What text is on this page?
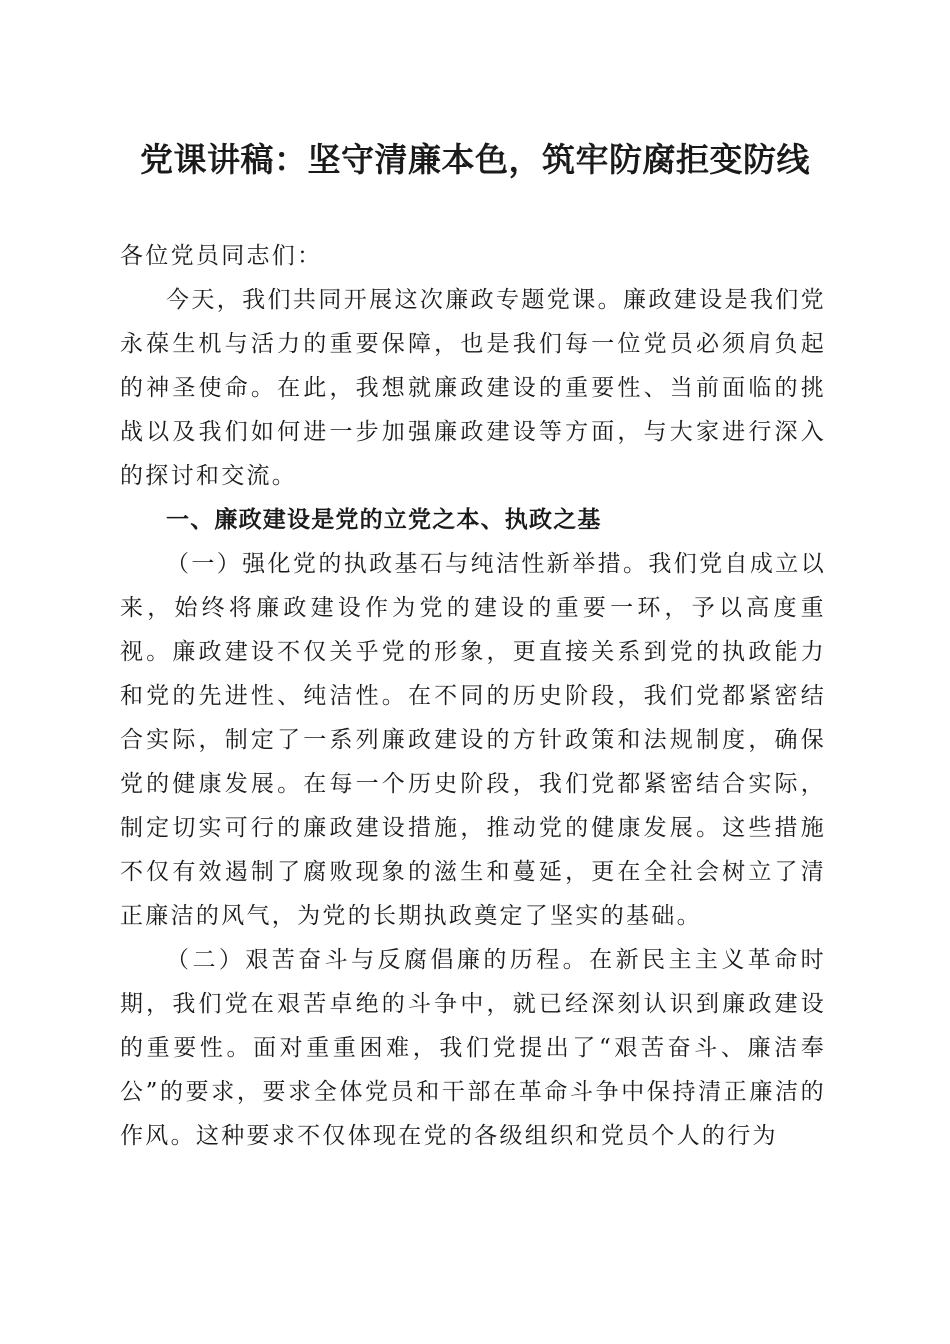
党课讲稿：坚守清廉本色，筑牢防腐拒变防线

各位党员同志们：

今天，我们共同开展这次廉政专题党课。廉政建设是我们党永葆生机与活力的重要保障，也是我们每一位党员必须肩负起的神圣使命。在此，我想就廉政建设的重要性、当前面临的挑战以及我们如何进一步加强廉政建设等方面，与大家进行深入的探讨和交流。

一、廉政建设是党的立党之本、执政之基

（一）强化党的执政基石与纯洁性新举措。我们党自成立以来，始终将廉政建设作为党的建设的重要一环，予以高度重视。廉政建设不仅关乎党的形象，更直接关系到党的执政能力和党的先进性、纯洁性。在不同的历史阶段，我们党都紧密结合实际，制定了一系列廉政建设的方针政策和法规制度，确保党的健康发展。在每一个历史阶段，我们党都紧密结合实际，制定切实可行的廉政建设措施，推动党的健康发展。这些措施不仅有效遏制了腐败现象的滋生和蔓延，更在全社会树立了清正廉洁的风气，为党的长期执政奠定了坚实的基础。

（二）艰苦奋斗与反腐倡廉的历程。在新民主主义革命时期，我们党在艰苦卓绝的斗争中，就已经深刻认识到廉政建设的重要性。面对重重困难，我们党提出了“艰苦奋斗、廉洁奉公”的要求，要求全体党员和干部在革命斗争中保持清正廉洁的作风。这种要求不仅体现在党的各级组织和党员个人的行为
